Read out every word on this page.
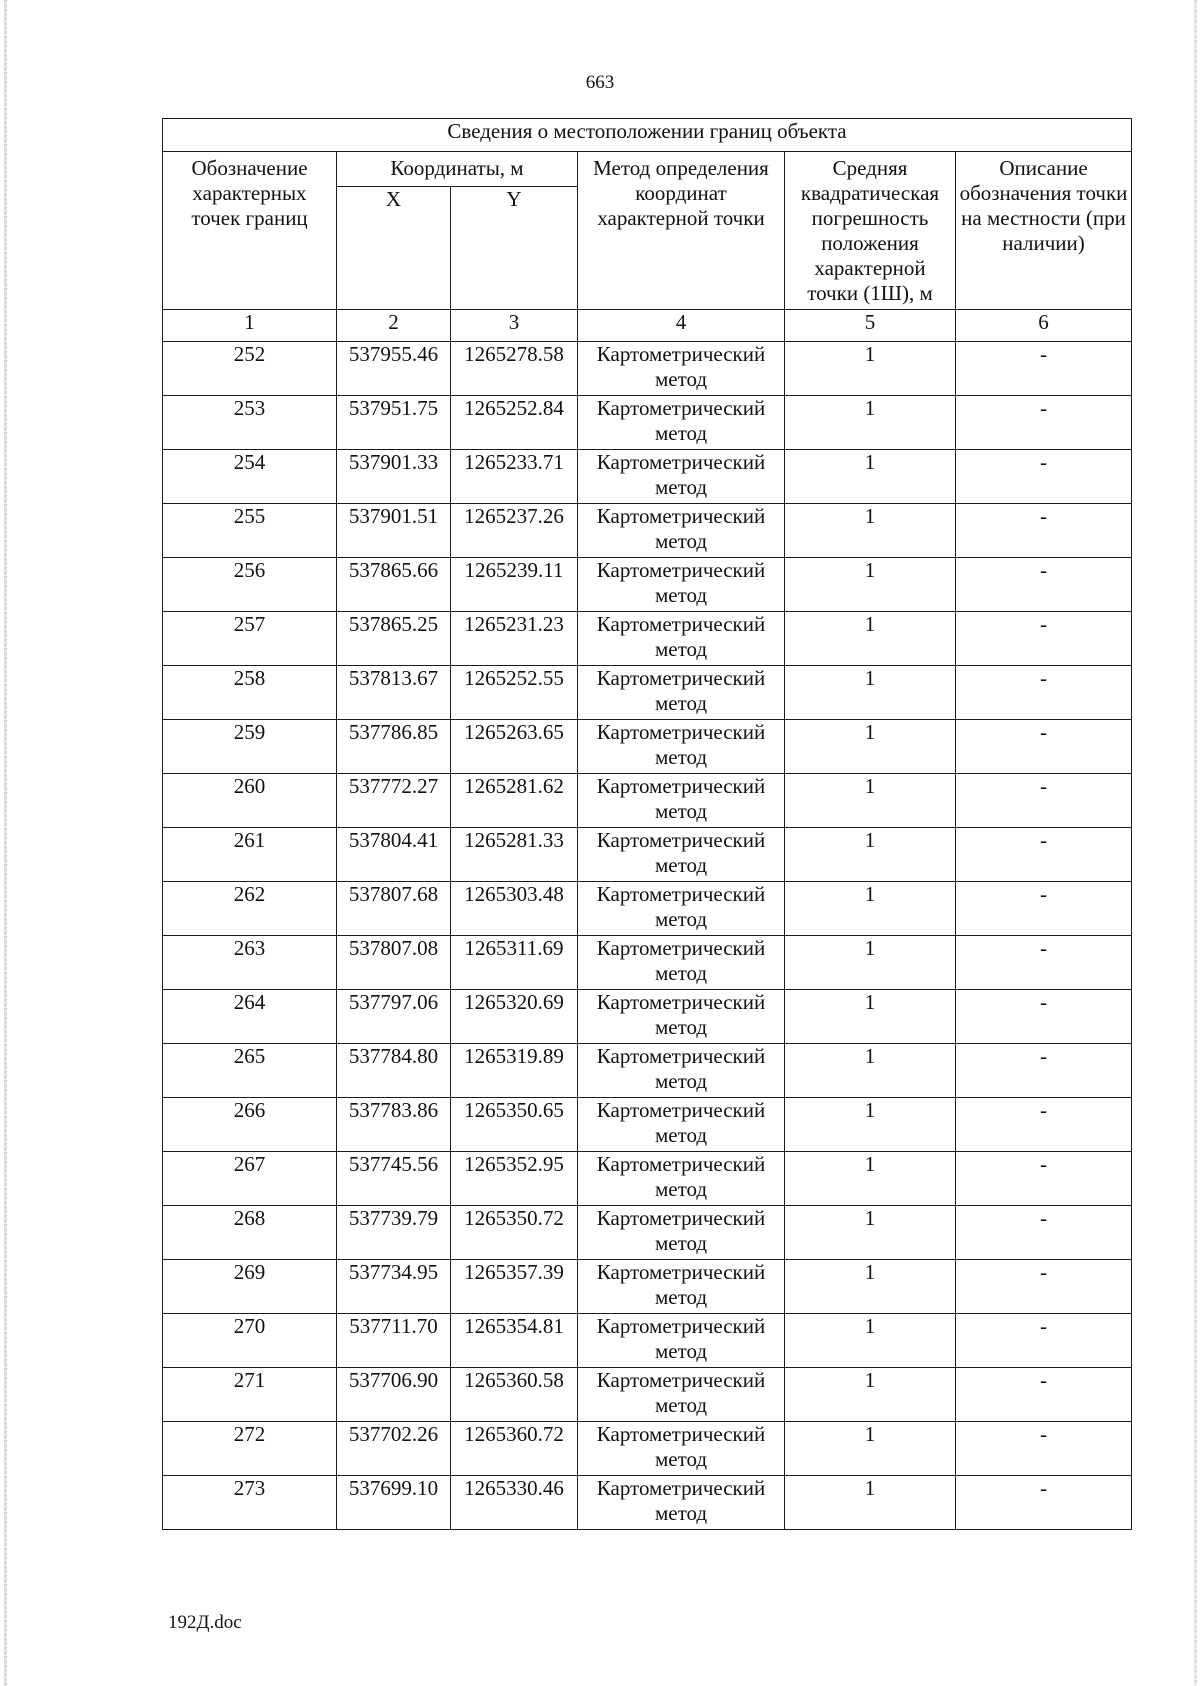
663
Сведения о местоположении границ объекта					
Обозначение характерных точек границ	Координаты, м		Метод определения координат характерной точки	Средняя квадратическая погрешность положения характерной точки (1Ш), м	Описание обозначения точки на местности (при наличии)
	X	Y			
1	2	3	4	5	6
252	537955.46	1265278.58	Картометрический метод	1	-
253	537951.75	1265252.84	Картометрический метод	1	-
254	537901.33	1265233.71	Картометрический метод	1	-
255	537901.51	1265237.26	Картометрический метод	1	-
256	537865.66	1265239.11	Картометрический метод	1	-
257	537865.25	1265231.23	Картометрический метод	1	-
258	537813.67	1265252.55	Картометрический метод	1	-
259	537786.85	1265263.65	Картометрический метод	1	-
260	537772.27	1265281.62	Картометрический метод	1	-
261	537804.41	1265281.33	Картометрический метод	1	-
262	537807.68	1265303.48	Картометрический метод	1	-
263	537807.08	1265311.69	Картометрический метод	1	-
264	537797.06	1265320.69	Картометрический метод	1	-
265	537784.80	1265319.89	Картометрический метод	1	-
266	537783.86	1265350.65	Картометрический метод	1	-
267	537745.56	1265352.95	Картометрический метод	1	-
268	537739.79	1265350.72	Картометрический метод	1	-
269	537734.95	1265357.39	Картометрический метод	1	-
270	537711.70	1265354.81	Картометрический метод	1	-
271	537706.90	1265360.58	Картометрический метод	1	-
272	537702.26	1265360.72	Картометрический метод	1	-
273	537699.10	1265330.46	Картометрический метод	1	-
192Д.doc
